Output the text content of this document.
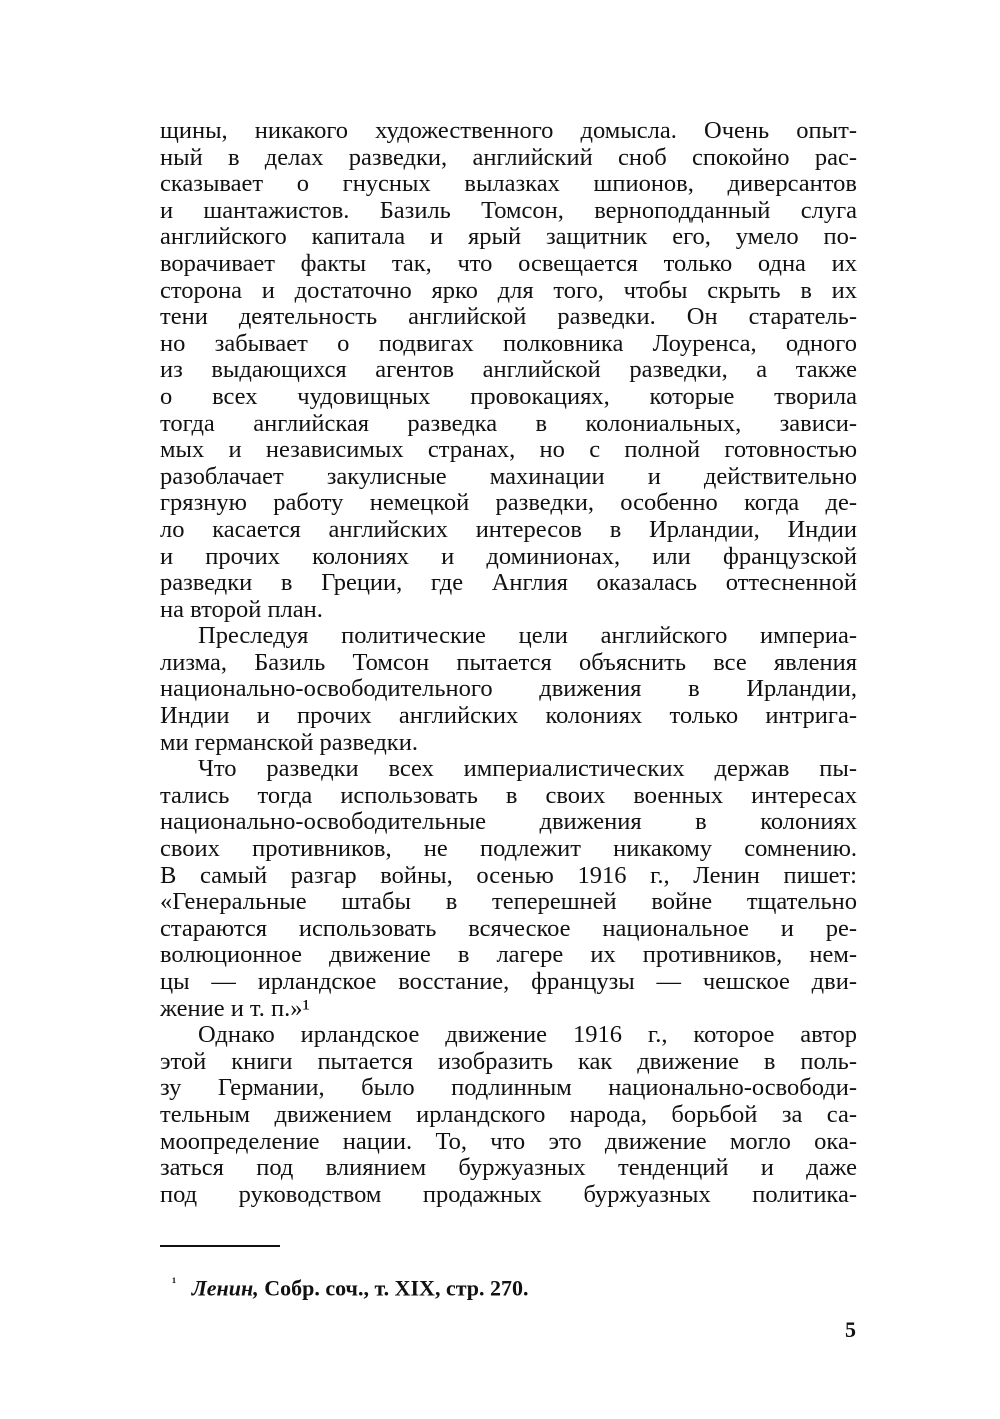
щины, никакого художественного домысла. Очень опыт-
ный в делах разведки, английский сноб спокойно рас-
сказывает о гнусных вылазках шпионов, диверсантов
и шантажистов. Базиль Томсон, верноподданный слуга
английского капитала и ярый защитник его, умело по-
ворачивает факты так, что освещается только одна их
сторона и достаточно ярко для того, чтобы скрыть в их
тени деятельность английской разведки. Он старатель-
но забывает о подвигах полковника Лоуренса, одного
из выдающихся агентов английской разведки, а также
о всех чудовищных провокациях, которые творила
тогда английская разведка в колониальных, зависи-
мых и независимых странах, но с полной готовностью
разоблачает закулисные махинации и действительно
грязную работу немецкой разведки, особенно когда де-
ло касается английских интересов в Ирландии, Индии
и прочих колониях и доминионах, или французской
разведки в Греции, где Англия оказалась оттесненной
на второй план.
Преследуя политические цели английского империа-
лизма, Базиль Томсон пытается объяснить все явления
национально-освободительного движения в Ирландии,
Индии и прочих английских колониях только интрига-
ми германской разведки.
Что разведки всех империалистических держав пы-
тались тогда использовать в своих военных интересах
национально-освободительные движения в колониях
своих противников, не подлежит никакому сомнению.
В самый разгар войны, осенью 1916 г., Ленин пишет:
«Генеральные штабы в теперешней войне тщательно
стараются использовать всяческое национальное и ре-
волюционное движение в лагере их противников, нем-
цы — ирландское восстание, французы — чешское дви-
жение и т. п.»¹
Однако ирландское движение 1916 г., которое автор
этой книги пытается изобразить как движение в поль-
зу Германии, было подлинным национально-освободи-
тельным движением ирландского народа, борьбой за са-
моопределение нации. То, что это движение могло ока-
заться под влиянием буржуазных тенденций и даже
под руководством продажных буржуазных политика-
$^{^1}$ Ленин, Собр. соч., т. XIX, стр. 270.
5
